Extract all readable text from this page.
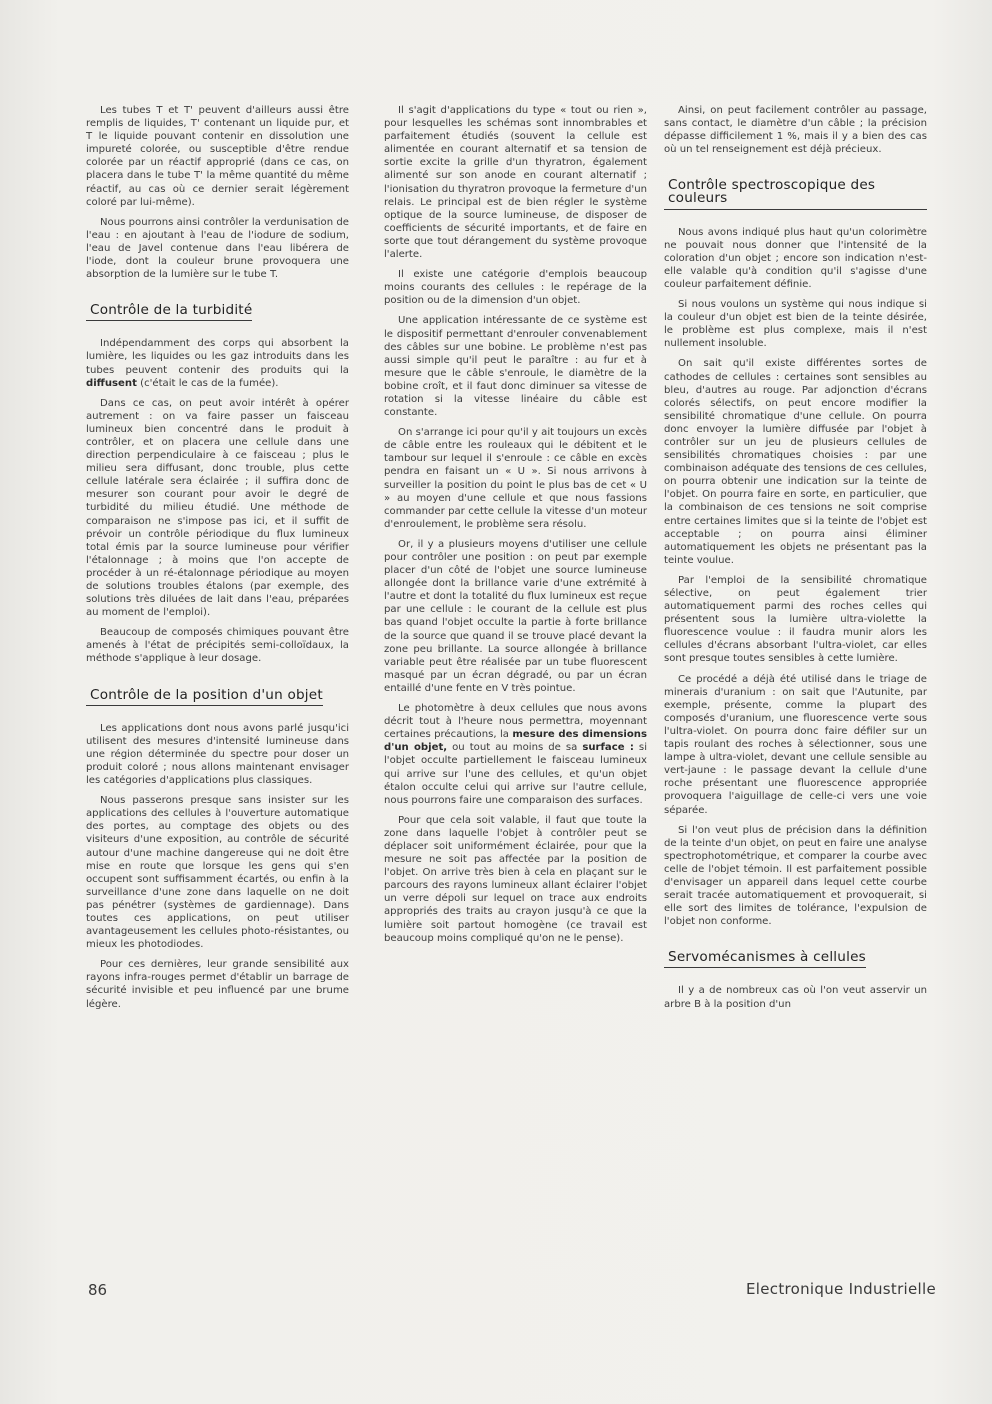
Les tubes T et T' peuvent d'ailleurs aussi être remplis de liquides, T' contenant un liquide pur, et T le liquide pouvant contenir en dissolution une impureté colorée, ou susceptible d'être rendue colorée par un réactif approprié (dans ce cas, on placera dans le tube T' la même quantité du même réactif, au cas où ce dernier serait légèrement coloré par lui-même).

Nous pourrons ainsi contrôler la verdunisation de l'eau : en ajoutant à l'eau de l'iodure de sodium, l'eau de Javel contenue dans l'eau libérera de l'iode, dont la couleur brune provoquera une absorption de la lumière sur le tube T.

Contrôle de la turbidité

Indépendamment des corps qui absorbent la lumière, les liquides ou les gaz introduits dans les tubes peuvent contenir des produits qui la diffusent (c'était le cas de la fumée).

Dans ce cas, on peut avoir intérêt à opérer autrement : on va faire passer un faisceau lumineux bien concentré dans le produit à contrôler, et on placera une cellule dans une direction perpendiculaire à ce faisceau ; plus le milieu sera diffusant, donc trouble, plus cette cellule latérale sera éclairée ; il suffira donc de mesurer son courant pour avoir le degré de turbidité du milieu étudié. Une méthode de comparaison ne s'impose pas ici, et il suffit de prévoir un contrôle périodique du flux lumineux total émis par la source lumineuse pour vérifier l'étalonnage ; à moins que l'on accepte de procéder à un ré-étalonnage périodique au moyen de solutions troubles étalons (par exemple, des solutions très diluées de lait dans l'eau, préparées au moment de l'emploi).

Beaucoup de composés chimiques pouvant être amenés à l'état de précipités semi-colloïdaux, la méthode s'applique à leur dosage.

Contrôle de la position d'un objet

Les applications dont nous avons parlé jusqu'ici utilisent des mesures d'intensité lumineuse dans une région déterminée du spectre pour doser un produit coloré ; nous allons maintenant envisager les catégories d'applications plus classiques.

Nous passerons presque sans insister sur les applications des cellules à l'ouverture automatique des portes, au comptage des objets ou des visiteurs d'une exposition, au contrôle de sécurité autour d'une machine dangereuse qui ne doit être mise en route que lorsque les gens qui s'en occupent sont suffisamment écartés, ou enfin à la surveillance d'une zone dans laquelle on ne doit pas pénétrer (systèmes de gardiennage). Dans toutes ces applications, on peut utiliser avantageusement les cellules photo-résistantes, ou mieux les photodiodes.

Pour ces dernières, leur grande sensibilité aux rayons infra-rouges permet d'établir un barrage de sécurité invisible et peu influencé par une brume légère.

Il s'agit d'applications du type « tout ou rien », pour lesquelles les schémas sont innombrables et parfaitement étudiés (souvent la cellule est alimentée en courant alternatif et sa tension de sortie excite la grille d'un thyratron, également alimenté sur son anode en courant alternatif ; l'ionisation du thyratron provoque la fermeture d'un relais. Le principal est de bien régler le système optique de la source lumineuse, de disposer de coefficients de sécurité importants, et de faire en sorte que tout dérangement du système provoque l'alerte.

Il existe une catégorie d'emplois beaucoup moins courants des cellules : le repérage de la position ou de la dimension d'un objet.

Une application intéressante de ce système est le dispositif permettant d'enrouler convenablement des câbles sur une bobine. Le problème n'est pas aussi simple qu'il peut le paraître : au fur et à mesure que le câble s'enroule, le diamètre de la bobine croît, et il faut donc diminuer sa vitesse de rotation si la vitesse linéaire du câble est constante.

On s'arrange ici pour qu'il y ait toujours un excès de câble entre les rouleaux qui le débitent et le tambour sur lequel il s'enroule : ce câble en excès pendra en faisant un « U ». Si nous arrivons à surveiller la position du point le plus bas de cet « U » au moyen d'une cellule et que nous fassions commander par cette cellule la vitesse d'un moteur d'enroulement, le problème sera résolu.

Or, il y a plusieurs moyens d'utiliser une cellule pour contrôler une position : on peut par exemple placer d'un côté de l'objet une source lumineuse allongée dont la brillance varie d'une extrémité à l'autre et dont la totalité du flux lumineux est reçue par une cellule : le courant de la cellule est plus bas quand l'objet occulte la partie à forte brillance de la source que quand il se trouve placé devant la zone peu brillante. La source allongée à brillance variable peut être réalisée par un tube fluorescent masqué par un écran dégradé, ou par un écran entaillé d'une fente en V très pointue.

Le photomètre à deux cellules que nous avons décrit tout à l'heure nous permettra, moyennant certaines précautions, la mesure des dimensions d'un objet, ou tout au moins de sa surface : si l'objet occulte partiellement le faisceau lumineux qui arrive sur l'une des cellules, et qu'un objet étalon occulte celui qui arrive sur l'autre cellule, nous pourrons faire une comparaison des surfaces.

Pour que cela soit valable, il faut que toute la zone dans laquelle l'objet à contrôler peut se déplacer soit uniformément éclairée, pour que la mesure ne soit pas affectée par la position de l'objet. On arrive très bien à cela en plaçant sur le parcours des rayons lumineux allant éclairer l'objet un verre dépoli sur lequel on trace aux endroits appropriés des traits au crayon jusqu'à ce que la lumière soit partout homogène (ce travail est beaucoup moins compliqué qu'on ne le pense).

Ainsi, on peut facilement contrôler au passage, sans contact, le diamètre d'un câble ; la précision dépasse difficilement 1 %, mais il y a bien des cas où un tel renseignement est déjà précieux.

Contrôle spectroscopique des couleurs

Nous avons indiqué plus haut qu'un colorimètre ne pouvait nous donner que l'intensité de la coloration d'un objet ; encore son indication n'est-elle valable qu'à condition qu'il s'agisse d'une couleur parfaitement définie.

Si nous voulons un système qui nous indique si la couleur d'un objet est bien de la teinte désirée, le problème est plus complexe, mais il n'est nullement insoluble.

On sait qu'il existe différentes sortes de cathodes de cellules : certaines sont sensibles au bleu, d'autres au rouge. Par adjonction d'écrans colorés sélectifs, on peut encore modifier la sensibilité chromatique d'une cellule. On pourra donc envoyer la lumière diffusée par l'objet à contrôler sur un jeu de plusieurs cellules de sensibilités chromatiques choisies : par une combinaison adéquate des tensions de ces cellules, on pourra obtenir une indication sur la teinte de l'objet. On pourra faire en sorte, en particulier, que la combinaison de ces tensions ne soit comprise entre certaines limites que si la teinte de l'objet est acceptable ; on pourra ainsi éliminer automatiquement les objets ne présentant pas la teinte voulue.

Par l'emploi de la sensibilité chromatique sélective, on peut également trier automatiquement parmi des roches celles qui présentent sous la lumière ultra-violette la fluorescence voulue : il faudra munir alors les cellules d'écrans absorbant l'ultra-violet, car elles sont presque toutes sensibles à cette lumière.

Ce procédé a déjà été utilisé dans le triage de minerais d'uranium : on sait que l'Autunite, par exemple, présente, comme la plupart des composés d'uranium, une fluorescence verte sous l'ultra-violet. On pourra donc faire défiler sur un tapis roulant des roches à sélectionner, sous une lampe à ultra-violet, devant une cellule sensible au vert-jaune : le passage devant la cellule d'une roche présentant une fluorescence appropriée provoquera l'aiguillage de celle-ci vers une voie séparée.

Si l'on veut plus de précision dans la définition de la teinte d'un objet, on peut en faire une analyse spectrophotométrique, et comparer la courbe avec celle de l'objet témoin. Il est parfaitement possible d'envisager un appareil dans lequel cette courbe serait tracée automatiquement et provoquerait, si elle sort des limites de tolérance, l'expulsion de l'objet non conforme.

Servomécanismes à cellules

Il y a de nombreux cas où l'on veut asservir un arbre B à la position d'un

86	Electronique Industrielle
